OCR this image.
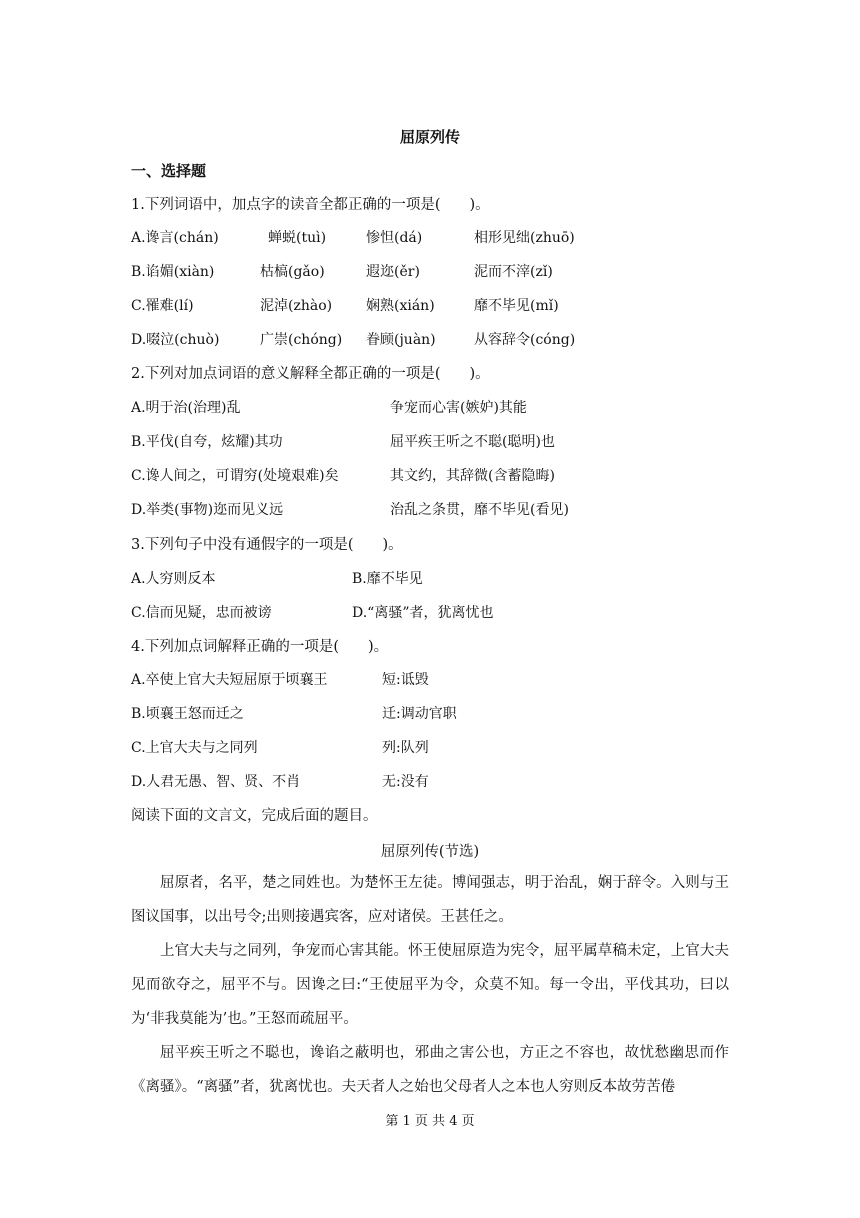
屈原列传
一、选择题
1.下列词语中，加点字的读音全都正确的一项是(　　)。
A.谗言(chán)	蝉蜕(tuì)	惨怛(dá)	相形见绌(zhuō)
B.谄媚(xiàn)	枯槁(gǎo)	遐迩(ěr)	泥而不滓(zǐ)
C.罹难(lí)	泥淖(zhào) 娴熟(xián)	靡不毕见(mǐ)
D.啜泣(chuò)	广崇(chóng) 眷顾(juàn)	从容辞令(cóng)
2.下列对加点词语的意义解释全都正确的一项是(　　)。
A.明于治(治理)乱	争宠而心害(嫉妒)其能
B.平伐(自夸，炫耀)其功	屈平疾王听之不聪(聪明)也
C.谗人间之，可谓穷(处境艰难)矣	其文约，其辞微(含蓄隐晦)
D.举类(事物)迩而见义远	治乱之条贯，靡不毕见(看见)
3.下列句子中没有通假字的一项是(　　)。
A.人穷则反本	B.靡不毕见
C.信而见疑，忠而被谤	D.“离骚”者，犹离忧也
4.下列加点词解释正确的一项是(　　)。
A.卒使上官大夫短屈原于顷襄王	短:诋毁
B.顷襄王怒而迁之	迁:调动官职
C.上官大夫与之同列	列:队列
D.人君无愚、智、贤、不肖	无:没有
阅读下面的文言文，完成后面的题目。
屈原列传(节选)

屈原者，名平，楚之同姓也。为楚怀王左徒。博闻强志，明于治乱，娴于辞令。入则与王图议国事，以出号令;出则接遇宾客，应对诸侯。王甚任之。

上官大夫与之同列，争宠而心害其能。怀王使屈原造为宪令，屈平属草稿未定，上官大夫见而欲夺之，屈平不与。因谗之曰:“王使屈平为令，众莫不知。每一令出，平伐其功，曰以为‘非我莫能为’也。”王怒而疏屈平。

屈平疾王听之不聪也，谗谄之蔽明也，邪曲之害公也，方正之不容也，故忧愁幽思而作《离骚》。“离骚”者，犹离忧也。夫天者人之始也父母者人之本也人穷则反本故劳苦倦

第 1 页 共 4 页
